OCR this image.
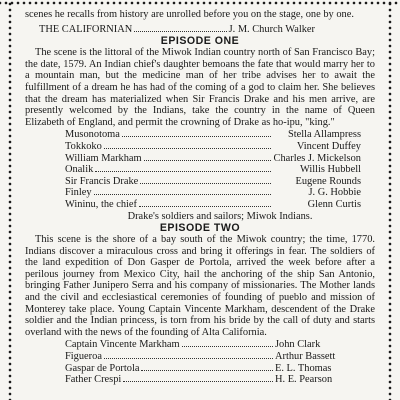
scenes he recalls from history are unrolled before you on the stage, one by one.

THE CALIFORNIAN	J. M. Church Walker
EPISODE ONE

The scene is the littoral of the Miwok Indian country north of San Francisco Bay; the date, 1579. An Indian chief's daughter bemoans the fate that would marry her to a mountain man, but the medicine man of her tribe advises her to await the fulfillment of a dream he has had of the coming of a god to claim her. She believes that the dream has materialized when Sir Francis Drake and his men arrive, are presently welcomed by the Indians, take the country in the name of Queen Elizabeth of England, and permit the crowning of Drake as ho-ipu, "king."

Musonotoma	Stella Allampress
Tokkoko	Vincent Duffey
William Markham	Charles J. Mickelson
Onalik	Willis Hubbell
Sir Francis Drake	Eugene Rounds
Finley	J. G. Hobbie
Wininu, the chief	Glenn Curtis

Drake's soldiers and sailors; Miwok Indians.

EPISODE TWO

This scene is the shore of a bay south of the Miwok country; the time, 1770. Indians discover a miraculous cross and bring it offerings in fear. The soldiers of the land expedition of Don Gasper de Portola, arrived the week before after a perilous journey from Mexico City, hail the anchoring of the ship San Antonio, bringing Father Junipero Serra and his company of missionaries. The Mother lands and the civil and ecclesiastical ceremonies of founding of pueblo and mission of Monterey take place. Young Captain Vincente Markham, descendent of the Drake soldier and the Indian princess, is torn from his bride by the call of duty and starts overland with the news of the founding of Alta California.

Captain Vincente Markham	John Clark
Figueroa	Arthur Bassett
Gaspar de Portola	E. L. Thomas
Father Crespi	H. E. Pearson
